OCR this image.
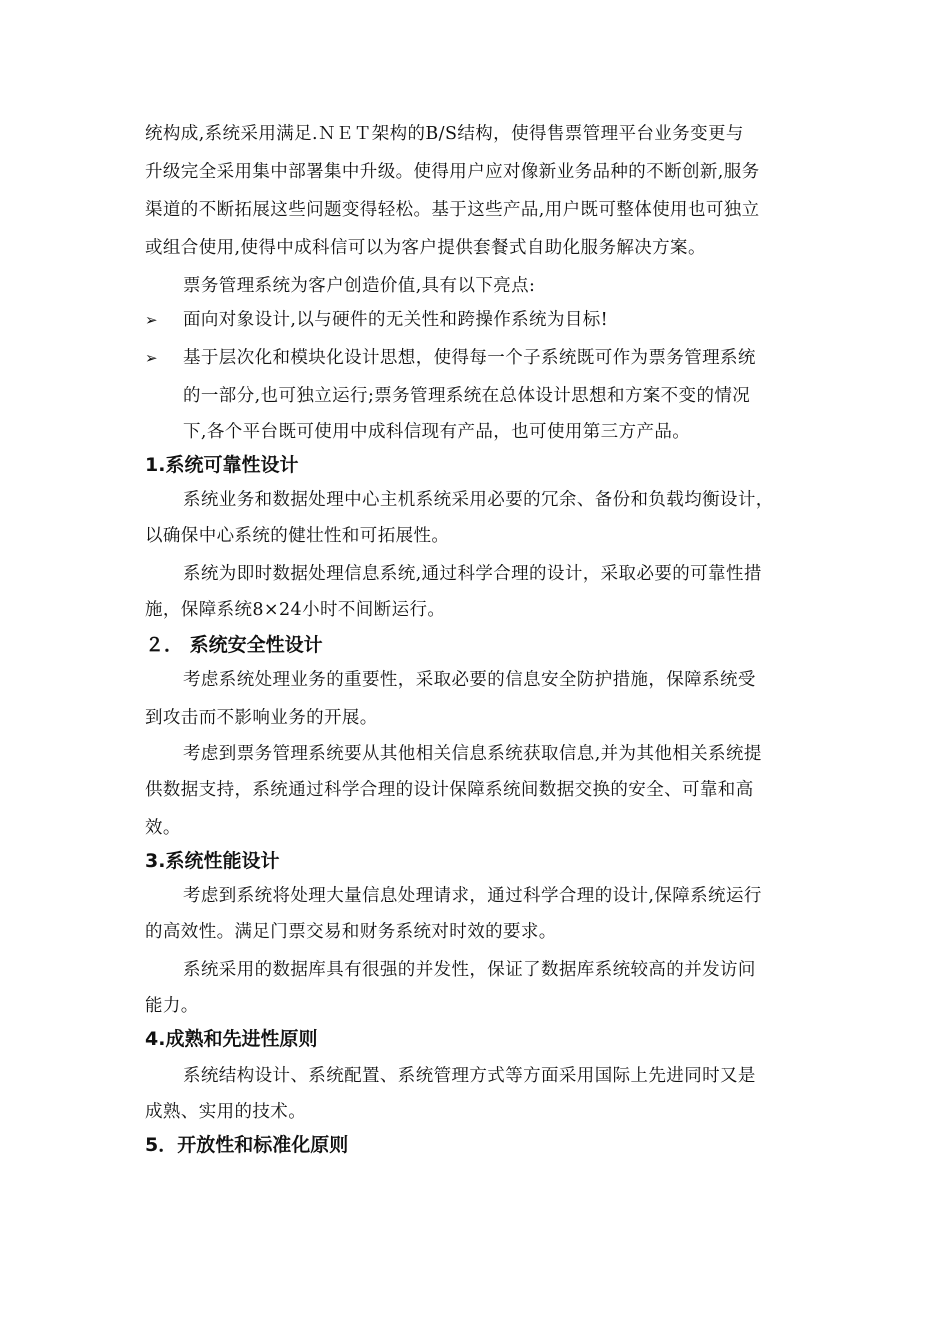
统构成,系统采用满足.ＮＥＴ架构的B/S结构，使得售票管理平台业务变更与
升级完全采用集中部署集中升级。使得用户应对像新业务品种的不断创新,服务
渠道的不断拓展这些问题变得轻松。基于这些产品,用户既可整体使用也可独立
或组合使用,使得中成科信可以为客户提供套餐式自助化服务解决方案。
票务管理系统为客户创造价值,具有以下亮点:
➢ 面向对象设计,以与硬件的无关性和跨操作系统为目标!
➢ 基于层次化和模块化设计思想，使得每一个子系统既可作为票务管理系统
的一部分,也可独立运行;票务管理系统在总体设计思想和方案不变的情况
下,各个平台既可使用中成科信现有产品，也可使用第三方产品。
1.系统可靠性设计
系统业务和数据处理中心主机系统采用必要的冗余、备份和负载均衡设计，
以确保中心系统的健壮性和可拓展性。
系统为即时数据处理信息系统,通过科学合理的设计，采取必要的可靠性措
施，保障系统8×24小时不间断运行。
２． 系统安全性设计
考虑系统处理业务的重要性，采取必要的信息安全防护措施，保障系统受
到攻击而不影响业务的开展。
考虑到票务管理系统要从其他相关信息系统获取信息,并为其他相关系统提
供数据支持，系统通过科学合理的设计保障系统间数据交换的安全、可靠和高
效。
3.系统性能设计
考虑到系统将处理大量信息处理请求，通过科学合理的设计,保障系统运行
的高效性。满足门票交易和财务系统对时效的要求。
系统采用的数据库具有很强的并发性，保证了数据库系统较高的并发访问
能力。
4.成熟和先进性原则
系统结构设计、系统配置、系统管理方式等方面采用国际上先进同时又是
成熟、实用的技术。
5．开放性和标准化原则
